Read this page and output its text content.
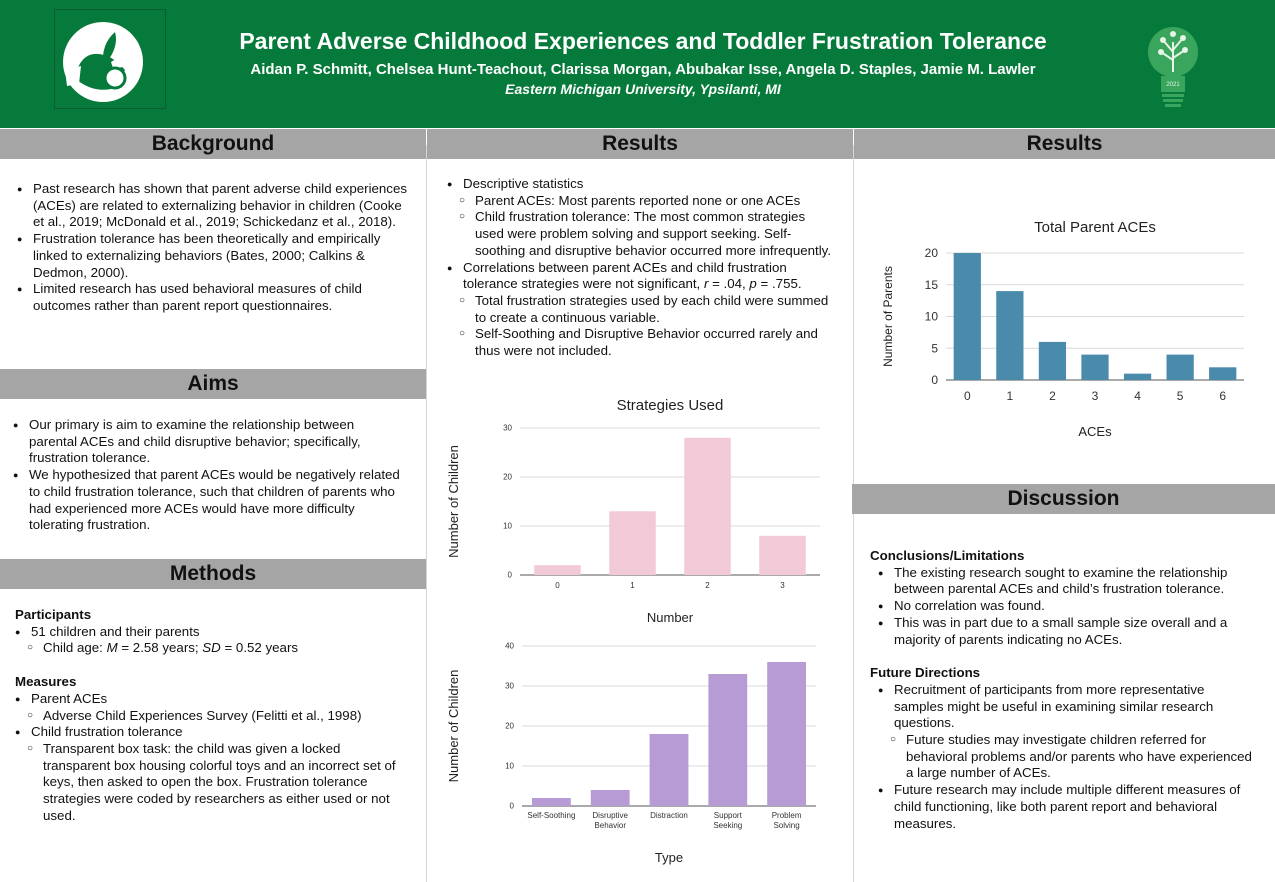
Parent Adverse Childhood Experiences and Toddler Frustration Tolerance
Aidan P. Schmitt, Chelsea Hunt-Teachout, Clarissa Morgan, Abubakar Isse, Angela D. Staples, Jamie M. Lawler
Eastern Michigan University, Ypsilanti, MI	2021
Background
● Past research has shown that parent adverse child experiences (ACEs) are related to externalizing behavior in children (Cooke et al., 2019; McDonald et al., 2019; Schickedanz et al., 2018).
● Frustration tolerance has been theoretically and empirically linked to externalizing behaviors (Bates, 2000; Calkins & Dedmon, 2000).
● Limited research has used behavioral measures of child outcomes rather than parent report questionnaires.
Aims
● Our primary is aim to examine the relationship between parental ACEs and child disruptive behavior; specifically, frustration tolerance.
● We hypothesized that parent ACEs would be negatively related to child frustration tolerance, such that children of parents who had experienced more ACEs would have more difficulty tolerating frustration.
Methods
Participants
● 51 children and their parents
○ Child age: M = 2.58 years; SD = 0.52 years
Measures
● Parent ACEs
○ Adverse Child Experiences Survey (Felitti et al., 1998)
● Child frustration tolerance
○ Transparent box task: the child was given a locked transparent box housing colorful toys and an incorrect set of keys, then asked to open the box. Frustration tolerance strategies were coded by researchers as either used or not used.
Results
● Descriptive statistics
○ Parent ACEs: Most parents reported none or one ACEs
○ Child frustration tolerance: The most common strategies used were problem solving and support seeking. Self-soothing and disruptive behavior occurred more infrequently.
● Correlations between parent ACEs and child frustration tolerance strategies were not significant, r = .04, p = .755.
○ Total frustration strategies used by each child were summed to create a continuous variable.
○ Self-Soothing and Disruptive Behavior occurred rarely and thus were not included.
Strategies Used
0
10
20
30
0	1	2	3
Number
Number of Children
0
10
20
30
40
Self-Soothing Disruptive
Behavior
Distraction	Support
Seeking
Problem
Solving
Type
Number of Children
Results
Total Parent ACEs
0
5
10
15
20
0	1	2	3	4	5	6
ACEs
Number of Parents
Discussion
Conclusions/Limitations
● The existing research sought to examine the relationship between parental ACEs and child’s frustration tolerance.
● No correlation was found.
● This was in part due to a small sample size overall and a majority of parents indicating no ACEs.
Future Directions
● Recruitment of participants from more representative samples might be useful in examining similar research questions.
○ Future studies may investigate children referred for behavioral problems and/or parents who have experienced a large number of ACEs.
● Future research may include multiple different measures of child functioning, like both parent report and behavioral measures.
